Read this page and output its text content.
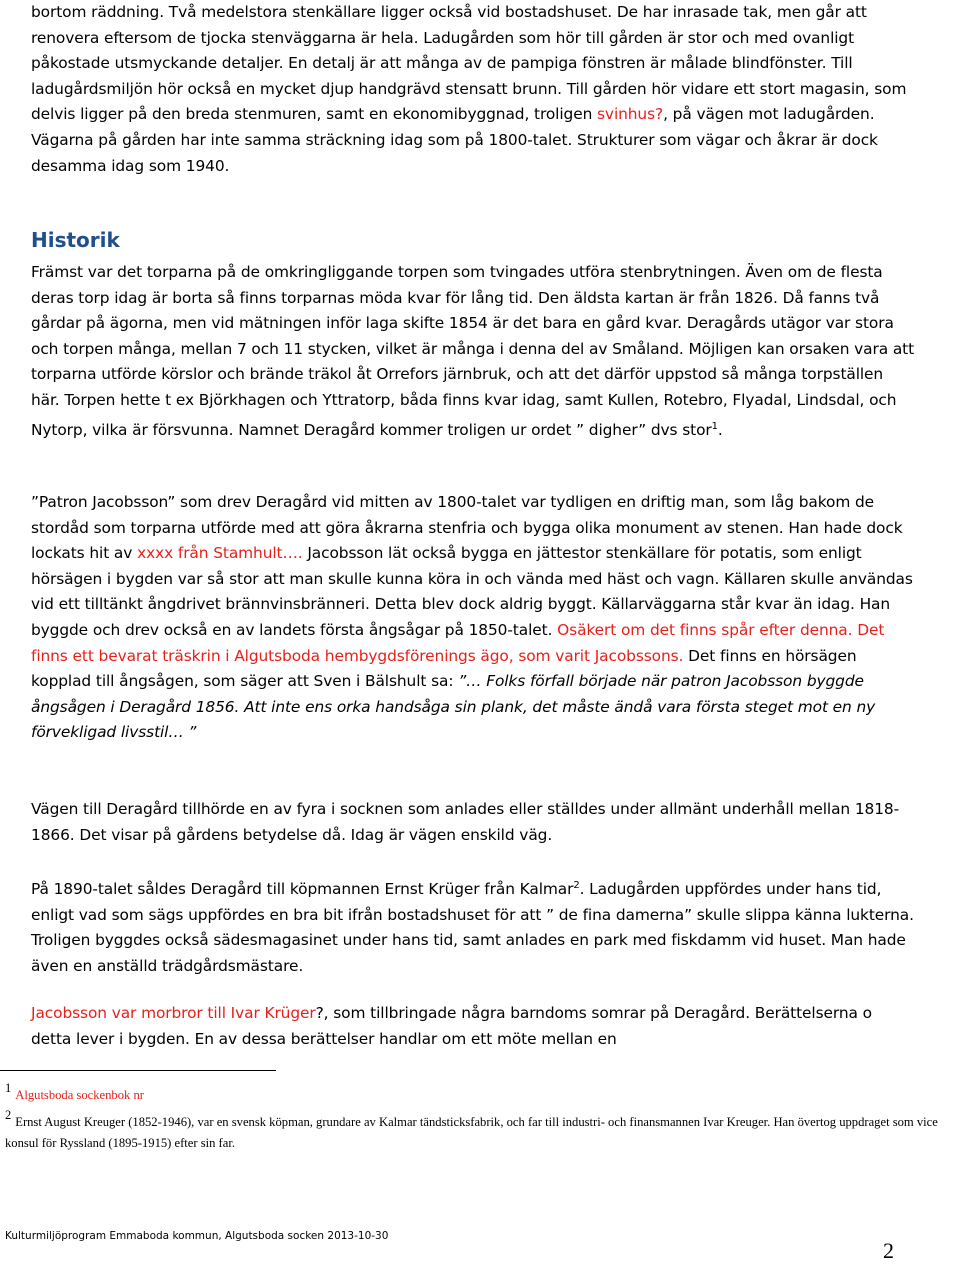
bortom räddning. Två medelstora stenkällare ligger också vid bostadshuset. De har inrasade tak, men går att renovera eftersom de tjocka stenväggarna är hela. Ladugården som hör till gården är stor och med ovanligt påkostade utsmyckande detaljer. En detalj är att många av de pampiga fönstren är målade blindfönster. Till ladugårdsmiljön hör också en mycket djup handgrävd stensatt brunn. Till gården hör vidare ett stort magasin, som delvis ligger på den breda stenmuren, samt en ekonomibyggnad, troligen svinhus?, på vägen mot ladugården. Vägarna på gården har inte samma sträckning idag som på 1800-talet. Strukturer som vägar och åkrar är dock desamma idag som 1940.

Historik

Främst var det torparna på de omkringliggande torpen som tvingades utföra stenbrytningen. Även om de flesta deras torp idag är borta så finns torparnas möda kvar för lång tid. Den äldsta kartan är från 1826. Då fanns två gårdar på ägorna, men vid mätningen inför laga skifte 1854 är det bara en gård kvar. Deragårds utägor var stora och torpen många, mellan 7 och 11 stycken, vilket är många i denna del av Småland. Möjligen kan orsaken vara att torparna utförde körslor och brände träkol åt Orrefors järnbruk, och att det därför uppstod så många torpställen här. Torpen hette t ex Björkhagen och Yttratorp, båda finns kvar idag, samt Kullen, Rotebro, Flyadal, Lindsdal, och Nytorp, vilka är försvunna. Namnet Deragård kommer troligen ur ordet ” digher” dvs stor$^1$.

”Patron Jacobsson” som drev Deragård vid mitten av 1800-talet var tydligen en driftig man, som låg bakom de stordåd som torparna utförde med att göra åkrarna stenfria och bygga olika monument av stenen. Han hade dock lockats hit av xxxx från Stamhult…. Jacobsson lät också bygga en jättestor stenkällare för potatis, som enligt hörsägen i bygden var så stor att man skulle kunna köra in och vända med häst och vagn. Källaren skulle användas vid ett tilltänkt ångdrivet brännvinsbränneri. Detta blev dock aldrig byggt. Källarväggarna står kvar än idag. Han byggde och drev också en av landets första ångsågar på 1850-talet. Osäkert om det finns spår efter denna. Det finns ett bevarat träskrin i Algutsboda hembygdsförenings ägo, som varit Jacobssons. Det finns en hörsägen kopplad till ångsågen, som säger att Sven i Bälshult sa: ”… Folks förfall började när patron Jacobsson byggde ångsågen i Deragård 1856. Att inte ens orka handsåga sin plank, det måste ändå vara första steget mot en ny förvekligad livsstil… ”

Vägen till Deragård tillhörde en av fyra i socknen som anlades eller ställdes under allmänt underhåll mellan 1818-1866. Det visar på gårdens betydelse då. Idag är vägen enskild väg.

På 1890-talet såldes Deragård till köpmannen Ernst Krüger från Kalmar$^2$. Ladugården uppfördes under hans tid, enligt vad som sägs uppfördes en bra bit ifrån bostadshuset för att ” de fina damerna” skulle slippa känna lukterna. Troligen byggdes också sädesmagasinet under hans tid, samt anlades en park med fiskdamm vid huset. Man hade även en anställd trädgårdsmästare.

Jacobsson var morbror till Ivar Krüger?, som tillbringade några barndoms somrar på Deragård. Berättelserna o detta lever i bygden. En av dessa berättelser handlar om ett möte mellan en

1 Algutsboda sockenbok nr

2 Ernst August Kreuger (1852-1946), var en svensk köpman, grundare av Kalmar tändsticksfabrik, och far till industri- och finansmannen Ivar Kreuger. Han övertog uppdraget som vice konsul för Ryssland (1895-1915) efter sin far.

Kulturmiljöprogram Emmaboda kommun, Algutsboda socken 2013-10-30

2
